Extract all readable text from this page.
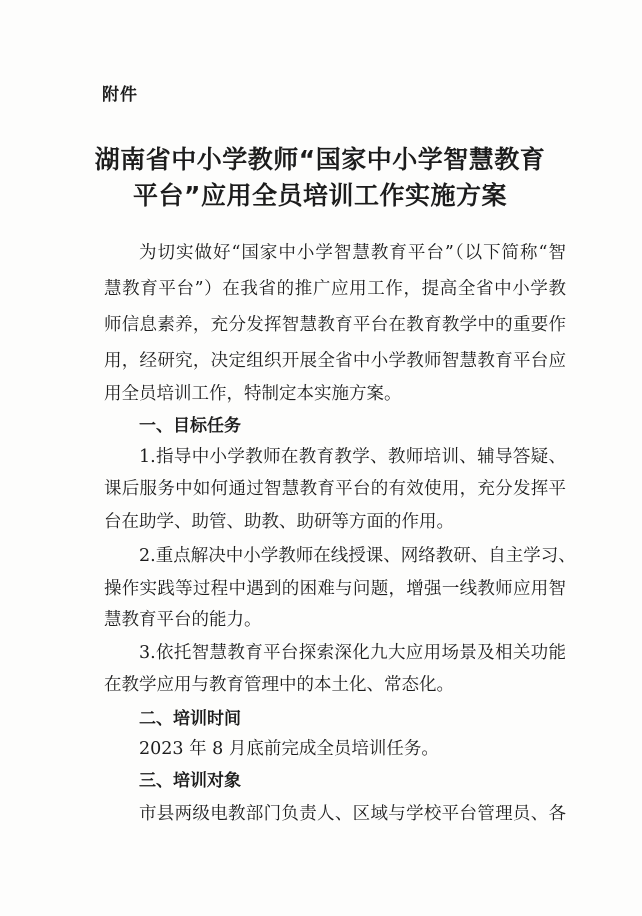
附件
湖南省中小学教师“国家中小学智慧教育
平台”应用全员培训工作实施方案
为切实做好“国家中小学智慧教育平台”（以下简称“智
慧教育平台”）在我省的推广应用工作，提高全省中小学教
师信息素养，充分发挥智慧教育平台在教育教学中的重要作
用，经研究，决定组织开展全省中小学教师智慧教育平台应
用全员培训工作，特制定本实施方案。
一、目标任务
1.指导中小学教师在教育教学、教师培训、辅导答疑、
课后服务中如何通过智慧教育平台的有效使用，充分发挥平
台在助学、助管、助教、助研等方面的作用。
2.重点解决中小学教师在线授课、网络教研、自主学习、
操作实践等过程中遇到的困难与问题，增强一线教师应用智
慧教育平台的能力。
3.依托智慧教育平台探索深化九大应用场景及相关功能
在教学应用与教育管理中的本土化、常态化。
二、培训时间
2023 年 8 月底前完成全员培训任务。
三、培训对象
市县两级电教部门负责人、区域与学校平台管理员、各
